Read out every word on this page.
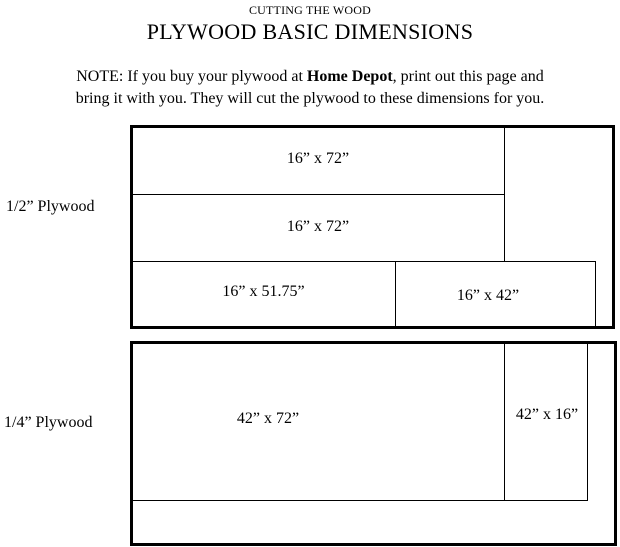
CUTTING THE WOOD
PLYWOOD BASIC DIMENSIONS
NOTE: If you buy your plywood at Home Depot, print out this page and
bring it with you. They will cut the plywood to these dimensions for you.
1/2” Plywood
16” x 72”
16” x 72”
16” x 51.75”	16” x 42”
1/4” Plywood	42” x 72”	42” x 16”
